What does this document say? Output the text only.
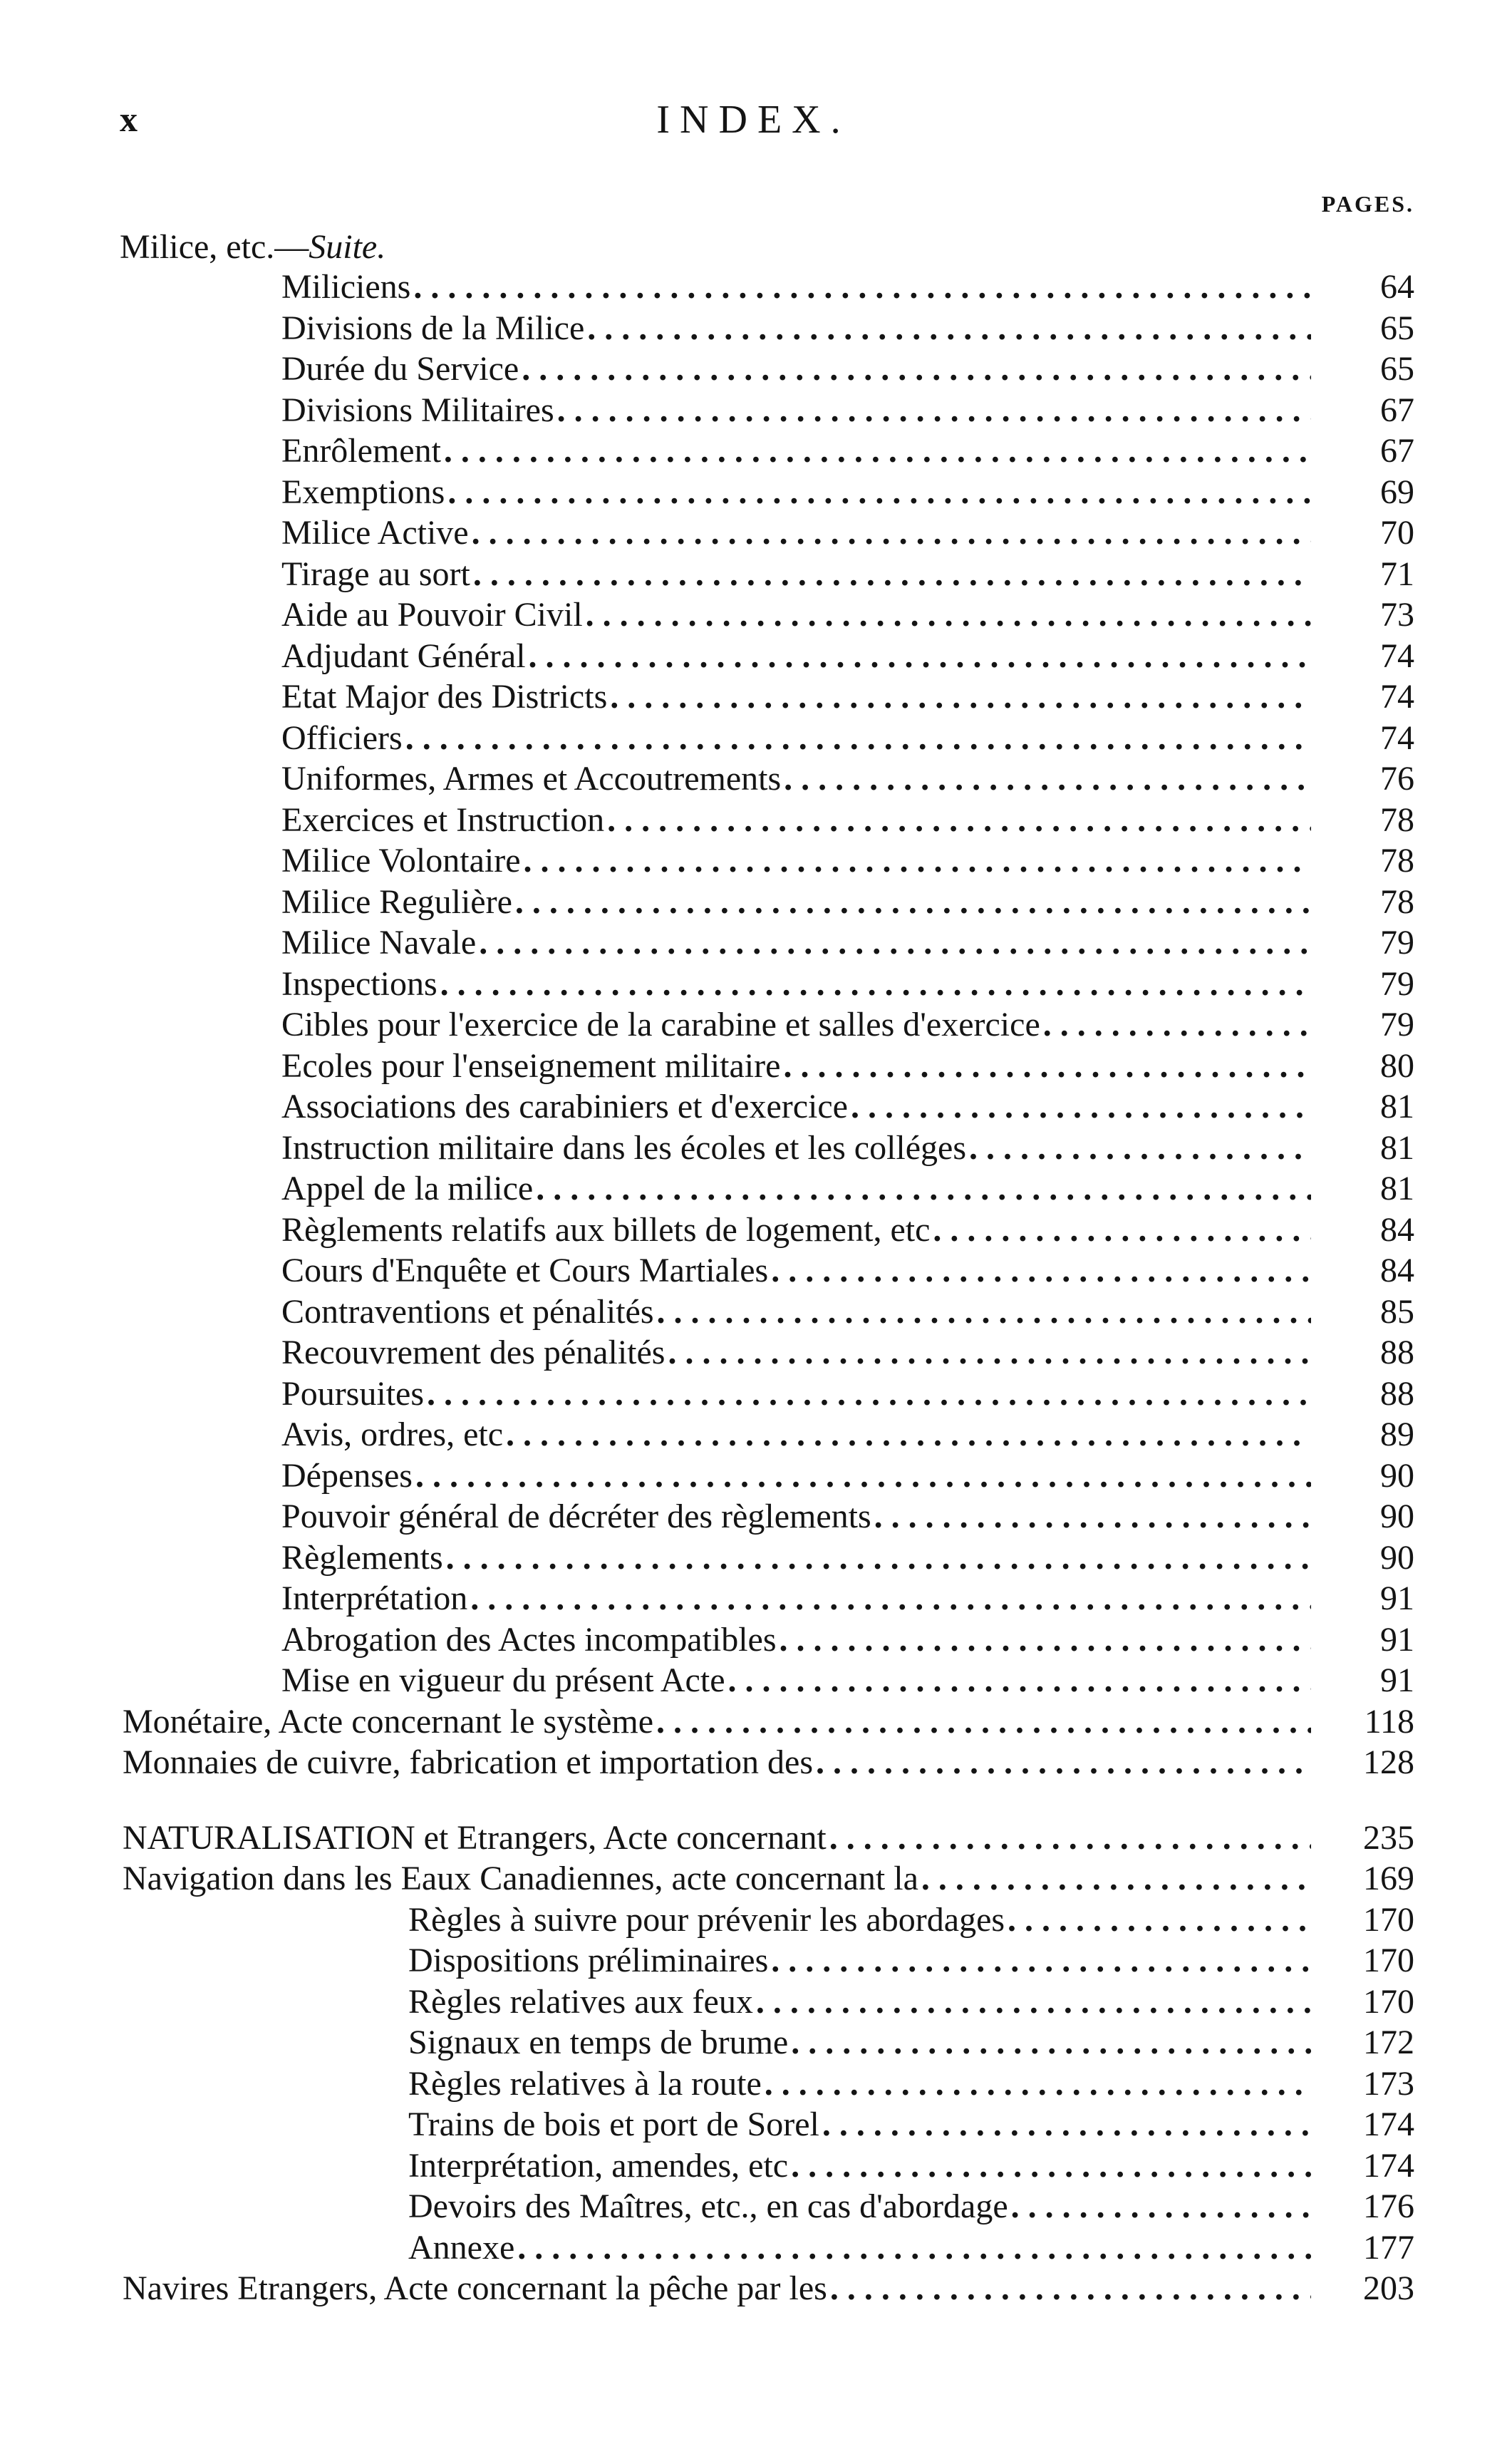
x	INDEX.
PAGES.
Milice, etc.—Suite.
Miliciens . . .	64
Divisions de la Milice . . .	65
Durée du Service . . .	65
Divisions Militaires . . .	67
Enrôlement . . .	67
Exemptions . . .	69
Milice Active . . .	70
Tirage au sort . . .	71
Aide au Pouvoir Civil . . .	73
Adjudant Général . . .	74
Etat Major des Districts . . .	74
Officiers . . .	74
Uniformes, Armes et Accoutrements . . .	76
Exercices et Instruction . . .	78
Milice Volontaire . . .	78
Milice Regulière . . .	78
Milice Navale . . .	79
Inspections . . .	79
Cibles pour l'exercice de la carabine et salles d'exercice . . .	79
Ecoles pour l'enseignement militaire . . .	80
Associations des carabiniers et d'exercice . . .	81
Instruction militaire dans les écoles et les colléges . . .	81
Appel de la milice . . .	81
Règlements relatifs aux billets de logement, etc . . .	84
Cours d'Enquête et Cours Martiales . . .	84
Contraventions et pénalités . . .	85
Recouvrement des pénalités . . .	88
Poursuites . . .	88
Avis, ordres, etc . . .	89
Dépenses . . .	90
Pouvoir général de décréter des règlements . . .	90
Règlements . . .	90
Interprétation . . .	91
Abrogation des Actes incompatibles . . .	91
Mise en vigueur du présent Acte . . .	91
Monétaire, Acte concernant le système . . .	118
Monnaies de cuivre, fabrication et importation des . . .	128
NATURALISATION et Etrangers, Acte concernant . . .	235
Navigation dans les Eaux Canadiennes, acte concernant la . . .	169
Règles à suivre pour prévenir les abordages . . .	170
Dispositions préliminaires . . .	170
Règles relatives aux feux . . .	170
Signaux en temps de brume . . .	172
Règles relatives à la route . . .	173
Trains de bois et port de Sorel . . .	174
Interprétation, amendes, etc . . .	174
Devoirs des Maîtres, etc., en cas d'abordage . . .	176
Annexe . . .	177
Navires Etrangers, Acte concernant la pêche par les . . .	203
